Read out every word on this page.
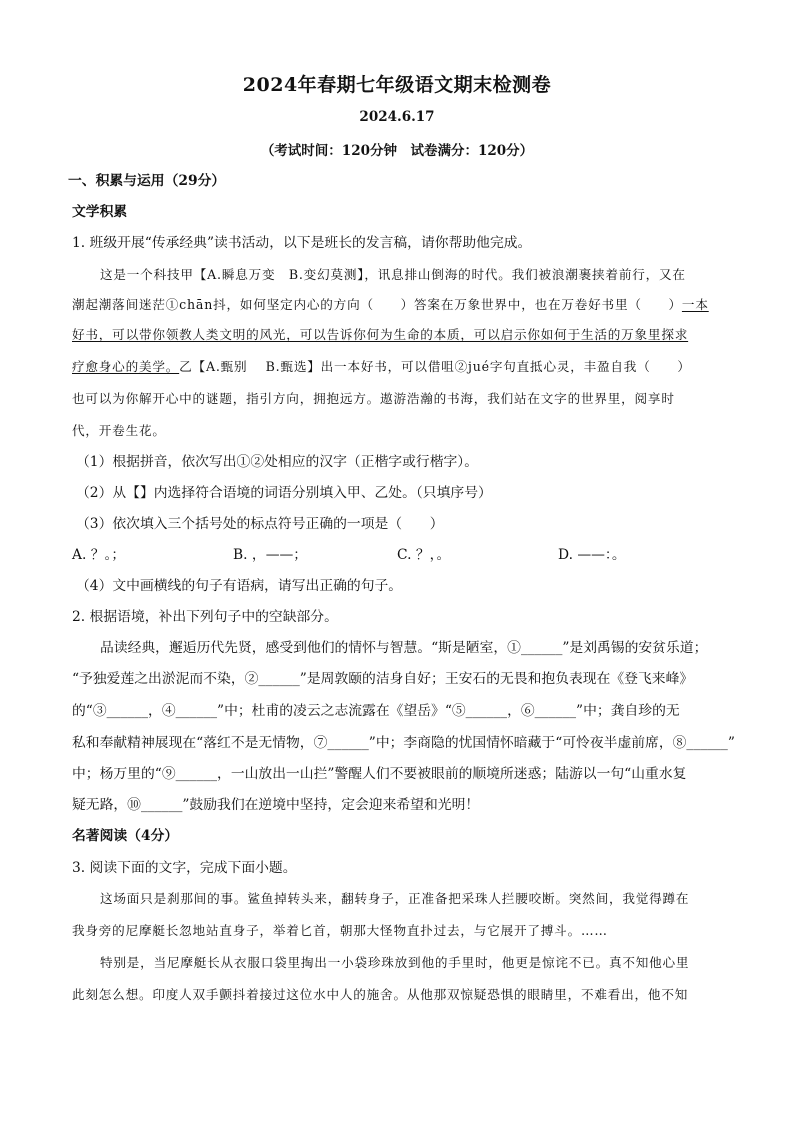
2024年春期七年级语文期末检测卷
2024.6.17
（考试时间：120分钟　试卷满分：120分）
一、积累与运用（29分）
文学积累
1. 班级开展“传承经典”读书活动，以下是班长的发言稿，请你帮助他完成。
这是一个科技甲【A.瞬息万变　B.变幻莫测】，讯息排山倒海的时代。我们被浪潮裹挟着前行，又在
潮起潮落间迷茫①chān抖，如何坚定内心的方向（　　）答案在万象世界中，也在万卷好书里（　　）一本
好书，可以带你领教人类文明的风光，可以告诉你何为生命的本质，可以启示你如何于生活的万象里探求
疗愈身心的美学。乙【A.甄别　 B.甄选】出一本好书，可以借咀②jué字句直抵心灵，丰盈自我（　　）
也可以为你解开心中的谜题，指引方向，拥抱远方。遨游浩瀚的书海，我们站在文字的世界里，阅享时
代，开卷生花。
（1）根据拼音，依次写出①②处相应的汉字（正楷字或行楷字）。
（2）从【】内选择符合语境的词语分别填入甲、乙处。（只填序号）
（3）依次填入三个括号处的标点符号正确的一项是（　　）
A. ？。；	B. ，——；	C. ？，。	D. ——：。
（4）文中画横线的句子有语病，请写出正确的句子。
2. 根据语境，补出下列句子中的空缺部分。
品读经典，邂逅历代先贤，感受到他们的情怀与智慧。“斯是陋室，①______”是刘禹锡的安贫乐道；
“予独爱莲之出淤泥而不染，②______”是周敦颐的洁身自好；王安石的无畏和抱负表现在《登飞来峰》
的“③______，④______”中；杜甫的凌云之志流露在《望岳》“⑤______，⑥______”中；龚自珍的无
私和奉献精神展现在“落红不是无情物，⑦______”中；李商隐的忧国情怀暗藏于“可怜夜半虚前席，⑧______”
中；杨万里的“⑨______，一山放出一山拦”警醒人们不要被眼前的顺境所迷惑；陆游以一句“山重水复
疑无路，⑩______”鼓励我们在逆境中坚持，定会迎来希望和光明！
名著阅读（4分）
3. 阅读下面的文字，完成下面小题。
这场面只是刹那间的事。鲨鱼掉转头来，翻转身子，正准备把采珠人拦腰咬断。突然间，我觉得蹲在
我身旁的尼摩艇长忽地站直身子，举着匕首，朝那大怪物直扑过去，与它展开了搏斗。……
特别是，当尼摩艇长从衣服口袋里掏出一小袋珍珠放到他的手里时，他更是惊诧不已。真不知他心里
此刻怎么想。印度人双手颤抖着接过这位水中人的施舍。从他那双惊疑恐惧的眼睛里，不难看出，他不知
